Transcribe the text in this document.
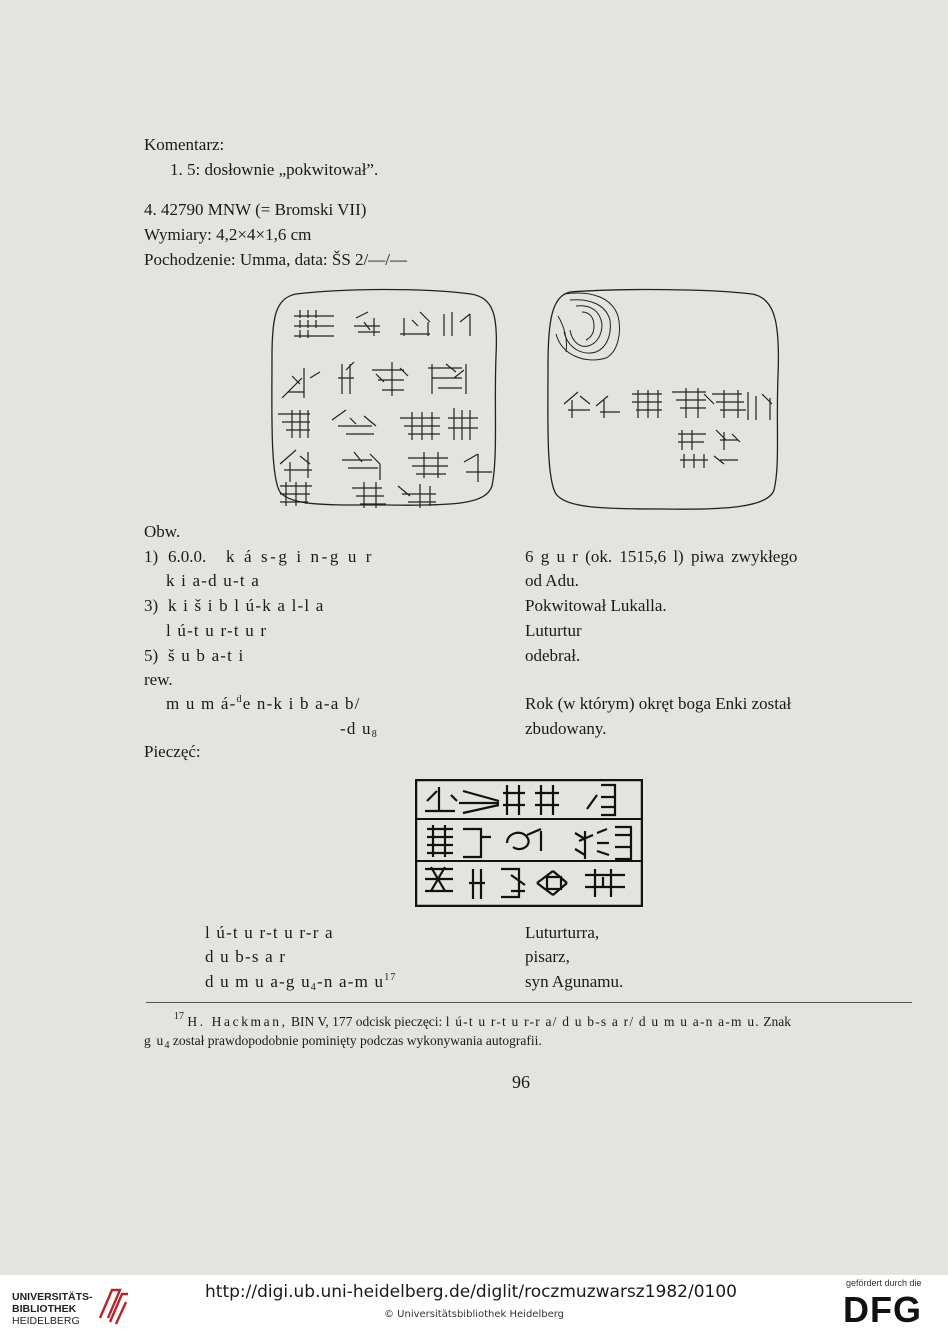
Komentarz:
1. 5: dosłownie „pokwitował”.
4. 42790 MNW (= Bromski VII)
Wymiary: 4,2×4×1,6 cm
Pochodzenie: Umma, data: ŠS 2/—/—
Obw.
1) 6.0.0. k á s-g i n-g u r	6 g u r (ok. 1515,6 l) piwa zwykłego
k i a-d u-t a	od Adu.
3) k i š i b l ú-k a l-l a	Pokwitował Lukalla.
l ú-t u r-t u r	Luturtur
5) š u b a-t i	odebrał.
rew.
m u m á-$^d$e n-k i b a-a b/
-d $u_8$
Rok (w którym) okręt boga Enki został
zbudowany.
Pieczęć:
l ú-t u r-t u r-r a	Luturturra,
d u b-s a r	pisarz,
d u m u a-g $u_4-n$ a-m $u^{17}$	syn Agunamu.
$^{17}$ H. Hackman, BIN V, 177 odcisk pieczęci: l ú-t u r-t u r-r a/ d u b-s a r/ d u m u a-n a-m u. Znak
g $u_4$ został prawdopodobnie pominięty podczas wykonywania autografii.
96
UNIVERSITÄTS-
BIBLIOTHEK
HEIDELBERG
http://digi.ub.uni-heidelberg.de/diglit/roczmuzwarsz1982/0100
© Universitätsbibliothek Heidelberg
gefördert durch die
DFG
